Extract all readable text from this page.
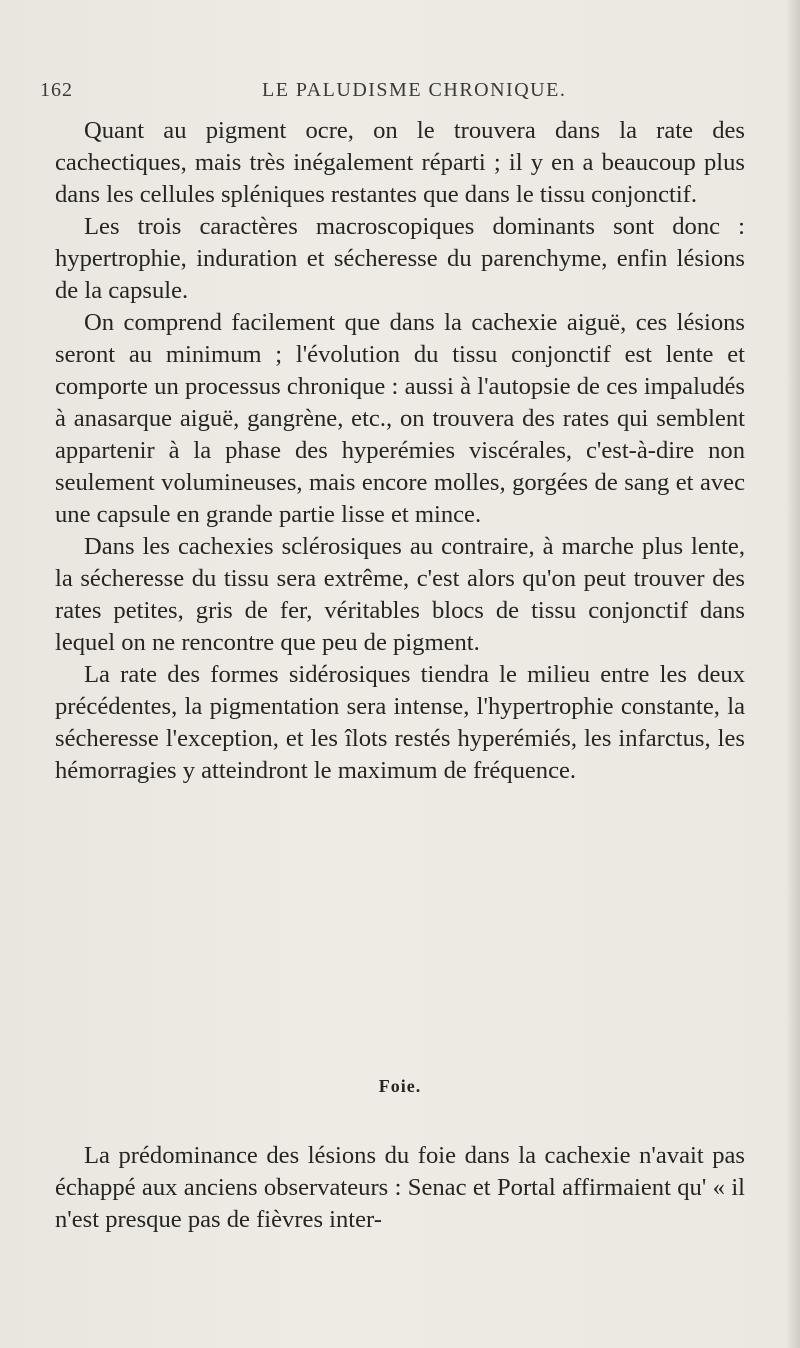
162	LE PALUDISME CHRONIQUE.

Quant au pigment ocre, on le trouvera dans la rate des cachectiques, mais très inégalement réparti ; il y en a beaucoup plus dans les cellules spléniques restantes que dans le tissu conjonctif.

Les trois caractères macroscopiques dominants sont donc : hypertrophie, induration et sécheresse du parenchyme, enfin lésions de la capsule.

On comprend facilement que dans la cachexie aiguë, ces lésions seront au minimum ; l'évolution du tissu conjonctif est lente et comporte un processus chronique : aussi à l'autopsie de ces impaludés à anasarque aiguë, gangrène, etc., on trouvera des rates qui semblent appartenir à la phase des hyperémies viscérales, c'est-à-dire non seulement volumineuses, mais encore molles, gorgées de sang et avec une capsule en grande partie lisse et mince.

Dans les cachexies sclérosiques au contraire, à marche plus lente, la sécheresse du tissu sera extrême, c'est alors qu'on peut trouver des rates petites, gris de fer, véritables blocs de tissu conjonctif dans lequel on ne rencontre que peu de pigment.

La rate des formes sidérosiques tiendra le milieu entre les deux précédentes, la pigmentation sera intense, l'hypertrophie constante, la sécheresse l'exception, et les îlots restés hyperémiés, les infarctus, les hémorragies y atteindront le maximum de fréquence.

Foie.

La prédominance des lésions du foie dans la cachexie n'avait pas échappé aux anciens observateurs : Senac et Portal affirmaient qu' « il n'est presque pas de fièvres inter-
